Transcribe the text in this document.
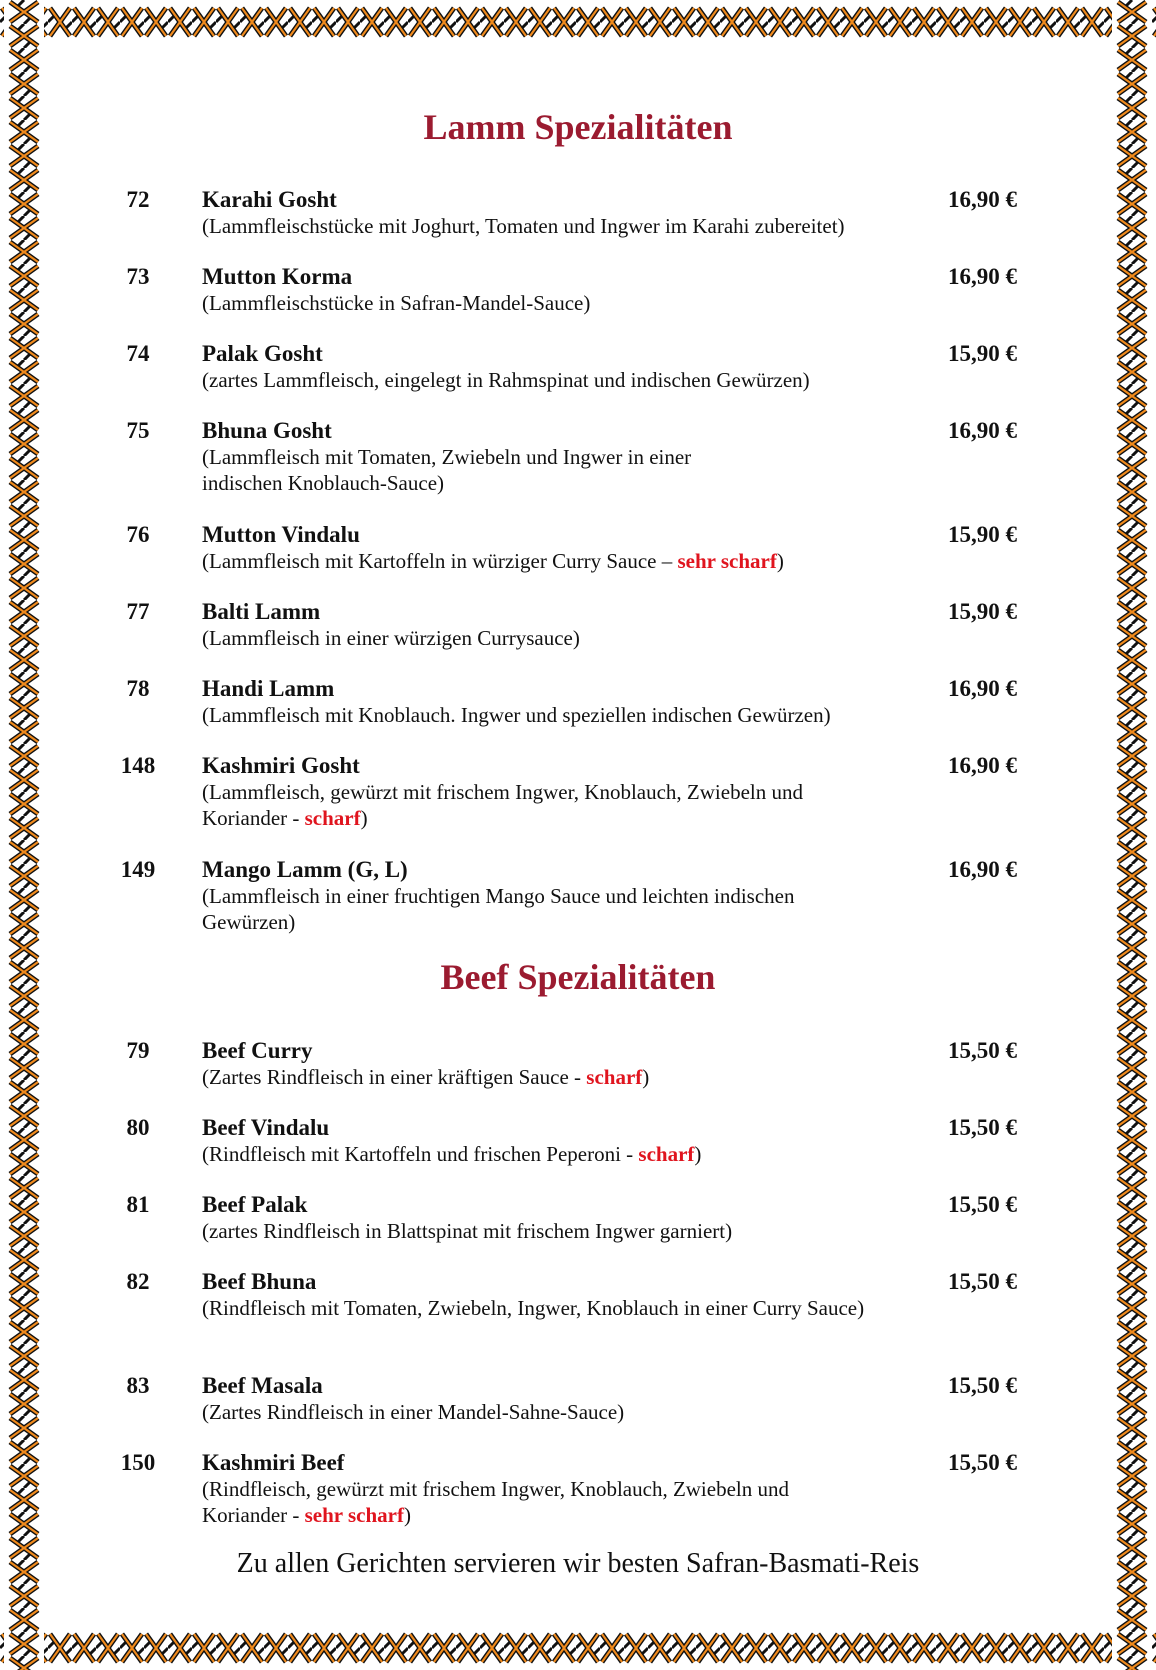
Lamm Spezialitäten
72	Karahi Gosht	16,90 €
(Lammfleischstücke mit Joghurt, Tomaten und Ingwer im Karahi zubereitet)
73	Mutton Korma	16,90 €
(Lammfleischstücke in Safran-Mandel-Sauce)
74	Palak Gosht	15,90 €
(zartes Lammfleisch, eingelegt in Rahmspinat und indischen Gewürzen)
75	Bhuna Gosht	16,90 €
(Lammfleisch mit Tomaten, Zwiebeln und Ingwer in einer indischen Knoblauch-Sauce)
76	Mutton Vindalu	15,90 €
(Lammfleisch mit Kartoffeln in würziger Curry Sauce – sehr scharf)
77	Balti Lamm	15,90 €
(Lammfleisch in einer würzigen Currysauce)
78	Handi Lamm	16,90 €
(Lammfleisch mit Knoblauch. Ingwer und speziellen indischen Gewürzen)
148	Kashmiri Gosht	16,90 €
(Lammfleisch, gewürzt mit frischem Ingwer, Knoblauch, Zwiebeln und Koriander - scharf)
149	Mango Lamm (G, L)	16,90 €
(Lammfleisch in einer fruchtigen Mango Sauce und leichten indischen Gewürzen)
Beef Spezialitäten
79	Beef Curry	15,50 €
(Zartes Rindfleisch in einer kräftigen Sauce - scharf)
80	Beef Vindalu	15,50 €
(Rindfleisch mit Kartoffeln und frischen Peperoni - scharf)
81	Beef Palak	15,50 €
(zartes Rindfleisch in Blattspinat mit frischem Ingwer garniert)
82	Beef Bhuna	15,50 €
(Rindfleisch mit Tomaten, Zwiebeln, Ingwer, Knoblauch in einer Curry Sauce)
83	Beef Masala	15,50 €
(Zartes Rindfleisch in einer Mandel-Sahne-Sauce)
150	Kashmiri Beef	15,50 €
(Rindfleisch, gewürzt mit frischem Ingwer, Knoblauch, Zwiebeln und Koriander - sehr scharf)

Zu allen Gerichten servieren wir besten Safran-Basmati-Reis
